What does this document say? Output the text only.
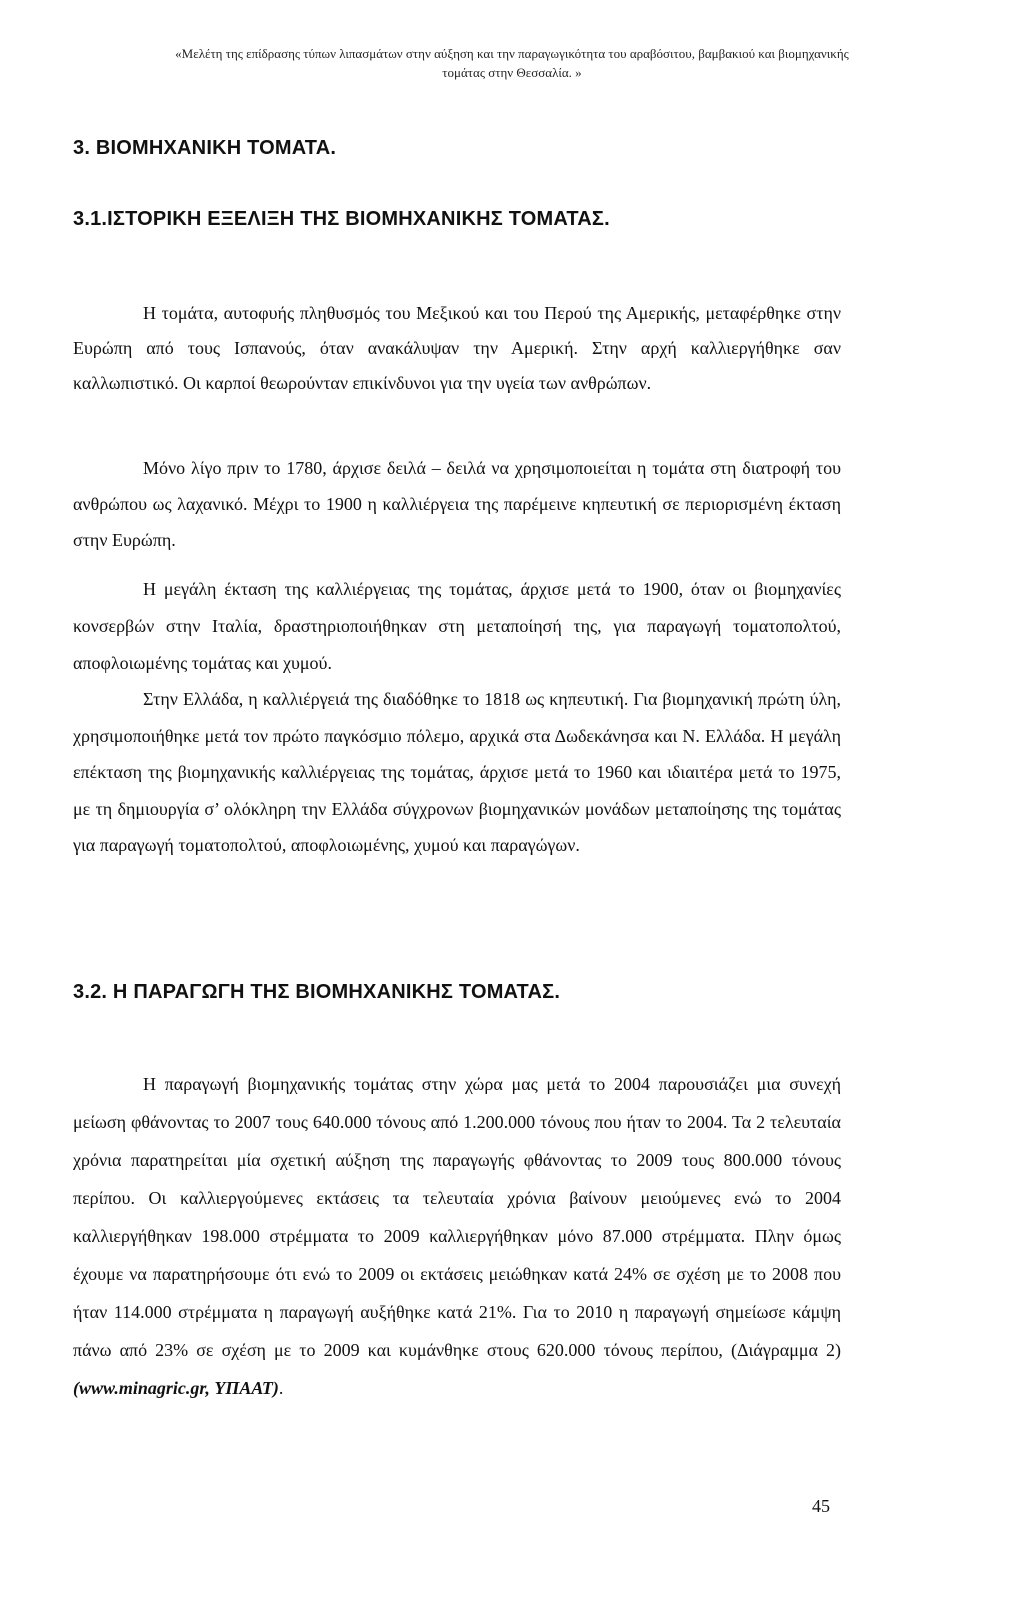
«Μελέτη της επίδρασης τύπων λιπασμάτων στην αύξηση και την παραγωγικότητα του αραβόσιτου, βαμβακιού και βιομηχανικής
τομάτας στην Θεσσαλία. »
3. ΒΙΟΜΗΧΑΝΙΚΗ ΤΟΜΑΤΑ.
3.1.ΙΣΤΟΡΙΚΗ ΕΞΕΛΙΞΗ ΤΗΣ ΒΙΟΜΗΧΑΝΙΚΗΣ ΤΟΜΑΤΑΣ.

Η τομάτα, αυτοφυής πληθυσμός του Μεξικού και του Περού της Αμερικής, μεταφέρθηκε στην Ευρώπη από τους Ισπανούς, όταν ανακάλυψαν την Αμερική. Στην αρχή καλλιεργήθηκε σαν καλλωπιστικό. Οι καρποί θεωρούνταν επικίνδυνοι για την υγεία των ανθρώπων.

Μόνο λίγο πριν το 1780, άρχισε δειλά – δειλά να χρησιμοποιείται η τομάτα στη διατροφή του ανθρώπου ως λαχανικό. Μέχρι το 1900 η καλλιέργεια της παρέμεινε κηπευτική σε περιορισμένη έκταση στην Ευρώπη.

Η μεγάλη έκταση της καλλιέργειας της τομάτας, άρχισε μετά το 1900, όταν οι βιομηχανίες κονσερβών στην Ιταλία, δραστηριοποιήθηκαν στη μεταποίησή της, για παραγωγή τοματοπολτού, αποφλοιωμένης τομάτας και χυμού.

Στην Ελλάδα, η καλλιέργειά της διαδόθηκε το 1818 ως κηπευτική. Για βιομηχανική πρώτη ύλη, χρησιμοποιήθηκε μετά τον πρώτο παγκόσμιο πόλεμο, αρχικά στα Δωδεκάνησα και Ν. Ελλάδα. Η μεγάλη επέκταση της βιομηχανικής καλλιέργειας της τομάτας, άρχισε μετά το 1960 και ιδιαιτέρα μετά το 1975, με τη δημιουργία σ’ ολόκληρη την Ελλάδα σύγχρονων βιομηχανικών μονάδων μεταποίησης της τομάτας για παραγωγή τοματοπολτού, αποφλοιωμένης, χυμού και παραγώγων.

3.2. Η ΠΑΡΑΓΩΓΗ ΤΗΣ ΒΙΟΜΗΧΑΝΙΚΗΣ ΤΟΜΑΤΑΣ.

Η παραγωγή βιομηχανικής τομάτας στην χώρα μας μετά το 2004 παρουσιάζει μια συνεχή μείωση φθάνοντας το 2007 τους 640.000 τόνους από 1.200.000 τόνους που ήταν το 2004. Τα 2 τελευταία χρόνια παρατηρείται μία σχετική αύξηση της παραγωγής φθάνοντας το 2009 τους 800.000 τόνους περίπου. Οι καλλιεργούμενες εκτάσεις τα τελευταία χρόνια βαίνουν μειούμενες ενώ το 2004 καλλιεργήθηκαν 198.000 στρέμματα το 2009 καλλιεργήθηκαν μόνο 87.000 στρέμματα. Πλην όμως έχουμε να παρατηρήσουμε ότι ενώ το 2009 οι εκτάσεις μειώθηκαν κατά 24% σε σχέση με το 2008 που ήταν 114.000 στρέμματα η παραγωγή αυξήθηκε κατά 21%. Για το 2010 η παραγωγή σημείωσε κάμψη πάνω από 23% σε σχέση με το 2009 και κυμάνθηκε στους 620.000 τόνους περίπου, (Διάγραμμα 2) (www.minagric.gr, ΥΠΑΑΤ).

45
